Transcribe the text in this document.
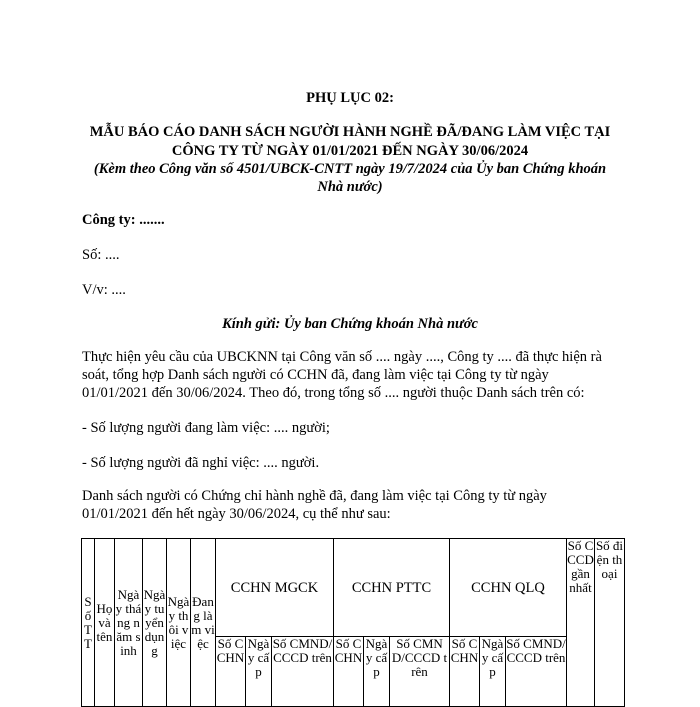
PHỤ LỤC 02:
MẪU BÁO CÁO DANH SÁCH NGƯỜI HÀNH NGHỀ ĐÃ/ĐANG LÀM VIỆC TẠI
CÔNG TY TỪ NGÀY 01/01/2021 ĐẾN NGÀY 30/06/2024
(Kèm theo Công văn số 4501/UBCK-CNTT ngày 19/7/2024 của Ủy ban Chứng khoán
Nhà nước)
Công ty: .......
Số: ....
V/v: ....
Kính gửi: Ủy ban Chứng khoán Nhà nước
Thực hiện yêu cầu của UBCKNN tại Công văn số .... ngày ...., Công ty .... đã thực hiện rà
soát, tổng hợp Danh sách người có CCHN đã, đang làm việc tại Công ty từ ngày
01/01/2021 đến 30/06/2024. Theo đó, trong tổng số .... người thuộc Danh sách trên có:
- Số lượng người đang làm việc: .... người;
- Số lượng người đã nghỉ việc: .... người.
Danh sách người có Chứng chỉ hành nghề đã, đang làm việc tại Công ty từ ngày
01/01/2021 đến hết ngày 30/06/2024, cụ thể như sau:
Số TT	Họ và tên	Ngày tháng năm sinh	Ngày tuyển dụng	Ngày thôi việc	Đang làm việc	CCHN MGCK			CCHN PTTC			CCHN QLQ			Số CCCD gần nhất	Số điện thoại
						Số CCHN	Ngày cấp	Số CMND/CCCD trên	Số CCHN	Ngày cấp	Số CMND/CCCD trên	Số CCHN	Ngày cấp	Số CMND/CCCD trên		
